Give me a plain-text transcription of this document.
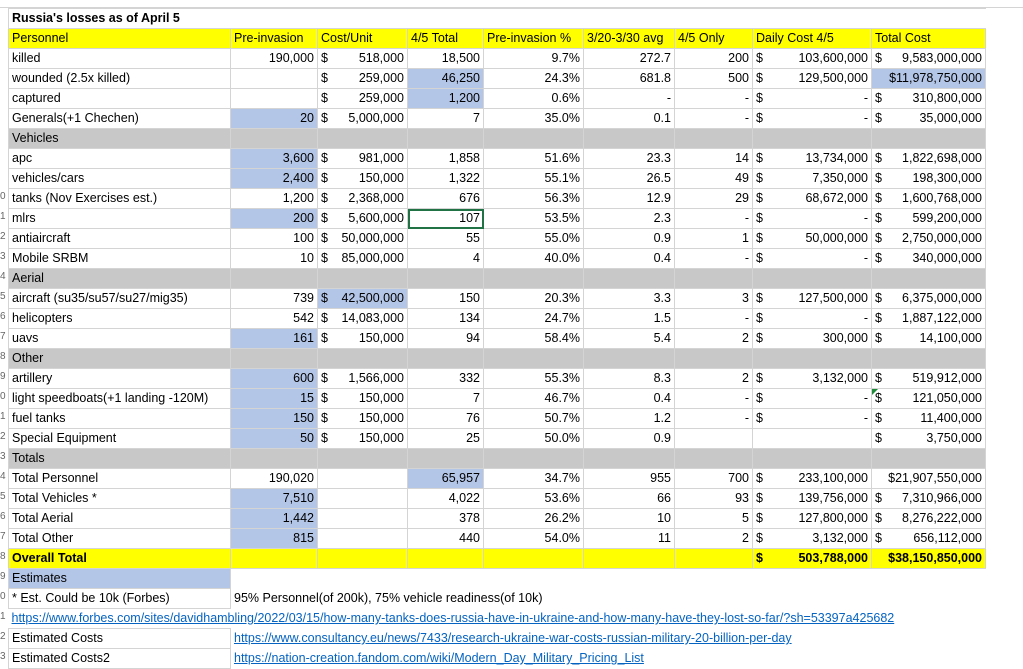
Russia's losses as of April 5								
Personnel	Pre-invasion	Cost/Unit	4/5 Total	Pre-invasion %	3/20-3/30 avg	4/5 Only	Daily Cost 4/5	Total Cost
killed	190,000	$ 518,000	18,500	9.7%	272.7	200	$ 103,600,000	$ 9,583,000,000

wounded (2.5x killed)		$ 259,000	46,250	24.3%	681.8	500	$ 129,500,000	$11,978,750,000
captured		$ 259,000	1,200	0.6%	-	-	$ -	$ 310,800,000

Generals(+1 Chechen)	20	$ 5,000,000	7	35.0%	0.1	-	$ -	$ 35,000,000

Vehicles								
apc	3,600	$ 981,000	1,858	51.6%	23.3	14	$ 13,734,000	$ 1,822,698,000

vehicles/cars	2,400	$ 150,000	1,322	55.1%	26.5	49	$ 7,350,000	$ 198,300,000

tanks (Nov Exercises est.)	1,200	$ 2,368,000	676	56.3%	12.9	29	$ 68,672,000	$ 1,600,768,000

mlrs	200	$ 5,600,000	107	53.5%	2.3	-	$ -	$ 599,200,000

antiaircraft	100	$ 50,000,000	55	55.0%	0.9	1	$ 50,000,000	$ 2,750,000,000

Mobile SRBM	10	$ 85,000,000	4	40.0%	0.4	-	$ -	$ 340,000,000

Aerial								
aircraft (su35/su57/su27/mig35)	739	$ 42,500,000	150	20.3%	3.3	3	$ 127,500,000	$ 6,375,000,000

helicopters	542	$ 14,083,000	134	24.7%	1.5	-	$ -	$ 1,887,122,000

uavs	161	$ 150,000	94	58.4%	5.4	2	$ 300,000	$ 14,100,000

Other								
artillery	600	$ 1,566,000	332	55.3%	8.3	2	$ 3,132,000	$ 519,912,000

light speedboats(+1 landing -120M)	15	$ 150,000	7	46.7%	0.4	-	$ -	$ 121,050,000

fuel tanks	150	$ 150,000	76	50.7%	1.2	-	$ -	$ 11,400,000

Special Equipment	50	$ 150,000	25	50.0%	0.9			$ 3,750,000

Totals								
Total Personnel	190,020		65,957	34.7%	955	700	$ 233,100,000	$21,907,550,000
Total Vehicles *	7,510		4,022	53.6%	66	93	$ 139,756,000	$ 7,310,966,000

Total Aerial	1,442		378	26.2%	10	5	$ 127,800,000	$ 8,276,222,000

Total Other	815		440	54.0%	11	2	$ 3,132,000	$ 656,112,000

Overall Total							$ 503,788,000	$38,150,850,000
Estimates								
* Est. Could be 10k (Forbes)	95% Personnel(of 200k), 75% vehicle readiness(of 10k)							
https://www.forbes.com/sites/davidhambling/2022/03/15/how-many-tanks-does-russia-have-in-ukraine-and-how-many-have-they-lost-so-far/?sh=53397a425682								
Estimated Costs	https://www.consultancy.eu/news/7433/research-ukraine-war-costs-russian-military-20-billion-per-day							
Estimated Costs2	https://nation-creation.fandom.com/wiki/Modern_Day_Military_Pricing_List							
0
1
2
3
4
5
6
7
8
9
0
1
2
3
4
5
6
7
8
9
0
1
2
3
